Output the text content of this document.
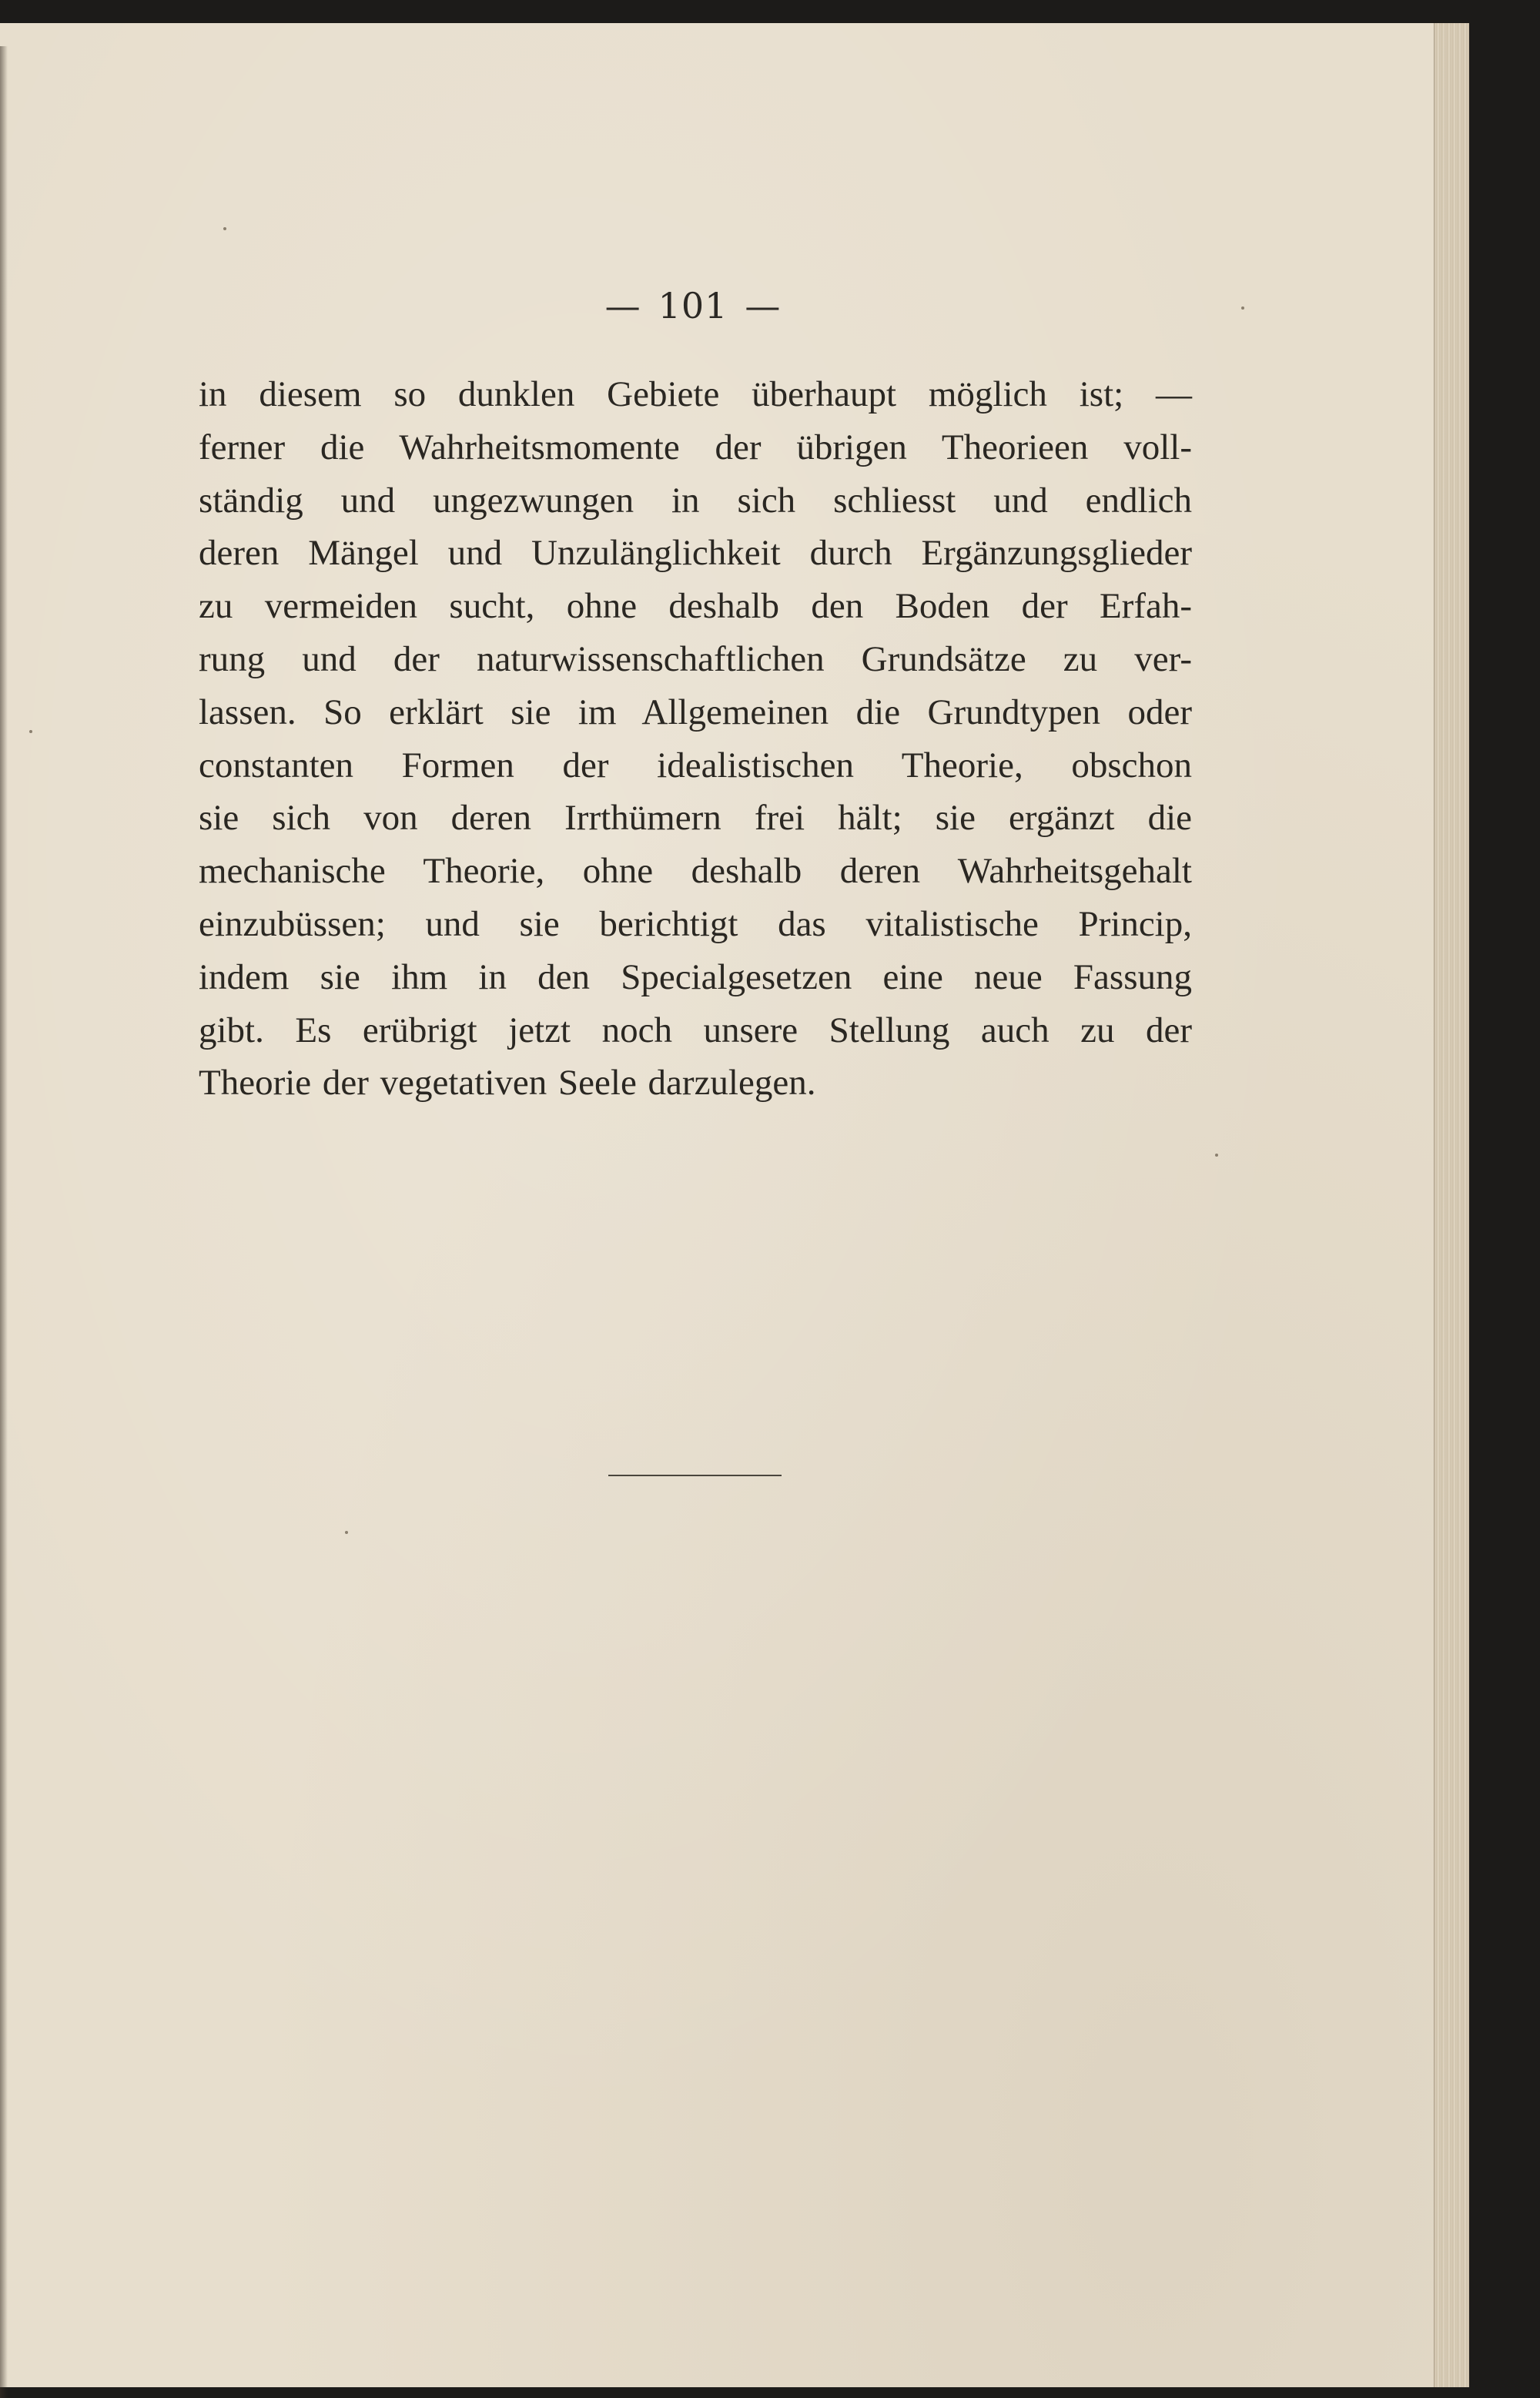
— 101 —
in diesem so dunklen Gebiete überhaupt möglich ist; —
ferner die Wahrheitsmomente der übrigen Theorieen voll-
ständig und ungezwungen in sich schliesst und endlich
deren Mängel und Unzulänglichkeit durch Ergänzungsglieder
zu vermeiden sucht, ohne deshalb den Boden der Erfah-
rung und der naturwissenschaftlichen Grundsätze zu ver-
lassen. So erklärt sie im Allgemeinen die Grundtypen oder
constanten Formen der idealistischen Theorie, obschon
sie sich von deren Irrthümern frei hält; sie ergänzt die
mechanische Theorie, ohne deshalb deren Wahrheitsgehalt
einzubüssen; und sie berichtigt das vitalistische Princip,
indem sie ihm in den Specialgesetzen eine neue Fassung
gibt. Es erübrigt jetzt noch unsere Stellung auch zu der
Theorie der vegetativen Seele darzulegen.
